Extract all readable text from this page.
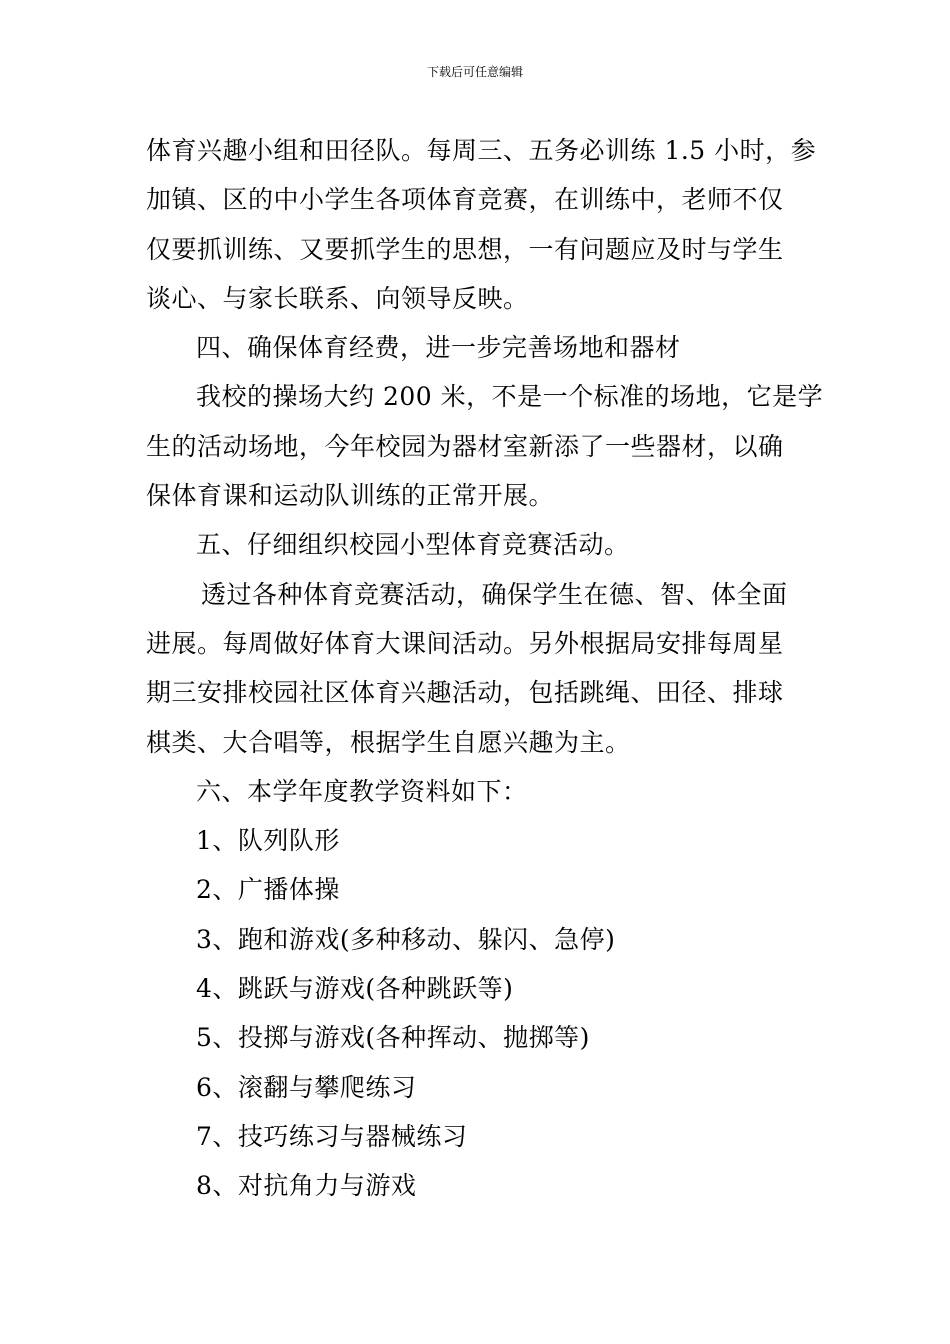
下载后可任意编辑

体育兴趣小组和田径队。每周三、五务必训练 1.5 小时，参
加镇、区的中小学生各项体育竞赛，在训练中，老师不仅
仅要抓训练、又要抓学生的思想，一有问题应及时与学生
谈心、与家长联系、向领导反映。

四、确保体育经费，进一步完善场地和器材

我校的操场大约 200 米，不是一个标准的场地，它是学
生的活动场地，今年校园为器材室新添了一些器材，以确
保体育课和运动队训练的正常开展。

五、仔细组织校园小型体育竞赛活动。

透过各种体育竞赛活动，确保学生在德、智、体全面
进展。每周做好体育大课间活动。另外根据局安排每周星
期三安排校园社区体育兴趣活动，包括跳绳、田径、排球
棋类、大合唱等，根据学生自愿兴趣为主。

六、本学年度教学资料如下：

1、队列队形
2、广播体操
3、跑和游戏(多种移动、躲闪、急停)
4、跳跃与游戏(各种跳跃等)
5、投掷与游戏(各种挥动、抛掷等)
6、滚翻与攀爬练习
7、技巧练习与器械练习
8、对抗角力与游戏
